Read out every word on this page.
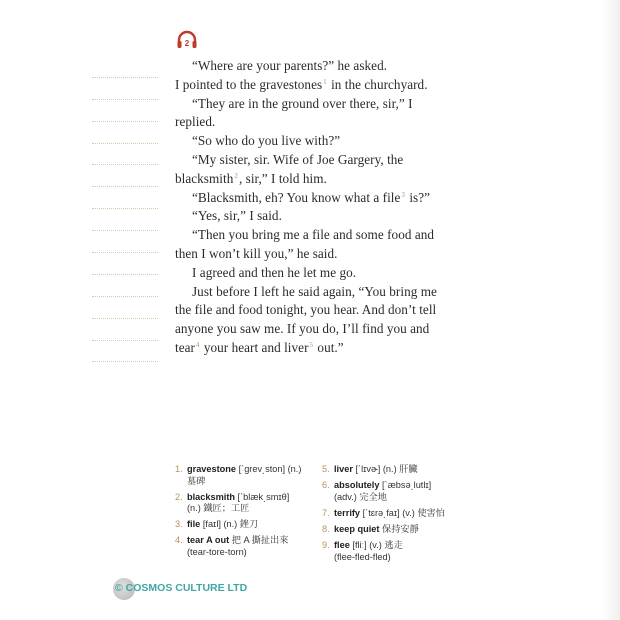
2

“Where are your parents?” he asked.

I pointed to the gravestones$^1$ in the churchyard.

“They are in the ground over there, sir,” I replied.

“So who do you live with?”

“My sister, sir. Wife of Joe Gargery, the blacksmith$^2$, sir,” I told him.

“Blacksmith, eh? You know what a file$^3$ is?”

“Yes, sir,” I said.

“Then you bring me a file and some food and then I won’t kill you,” he said.

I agreed and then he let me go.

Just before I left he said again, “You bring me the file and food tonight, you hear. And don’t tell anyone you saw me. If you do, I’ll find you and tear$^4$ your heart and liver$^5$ out.”

1. gravestone [ˋgrev͵ston] (n.)
墓碑
2. blacksmith [ˋblæk͵smɪθ]
(n.) 鐵匠；工匠
3. file [faɪl] (n.) 銼刀
4. tear A out 把 A 撕扯出來
(tear-tore-torn)
5. liver [ˋlɪvɚ] (n.) 肝臟
6. absolutely [ˋæbsə͵lutlɪ]
(adv.) 完全地
7. terrify [ˋtɛrə͵faɪ] (v.) 使害怕
8. keep quiet 保持安靜
9. flee [fliː] (v.) 逃走
(flee-fled-fled)
© COSMOS CULTURE LTD
